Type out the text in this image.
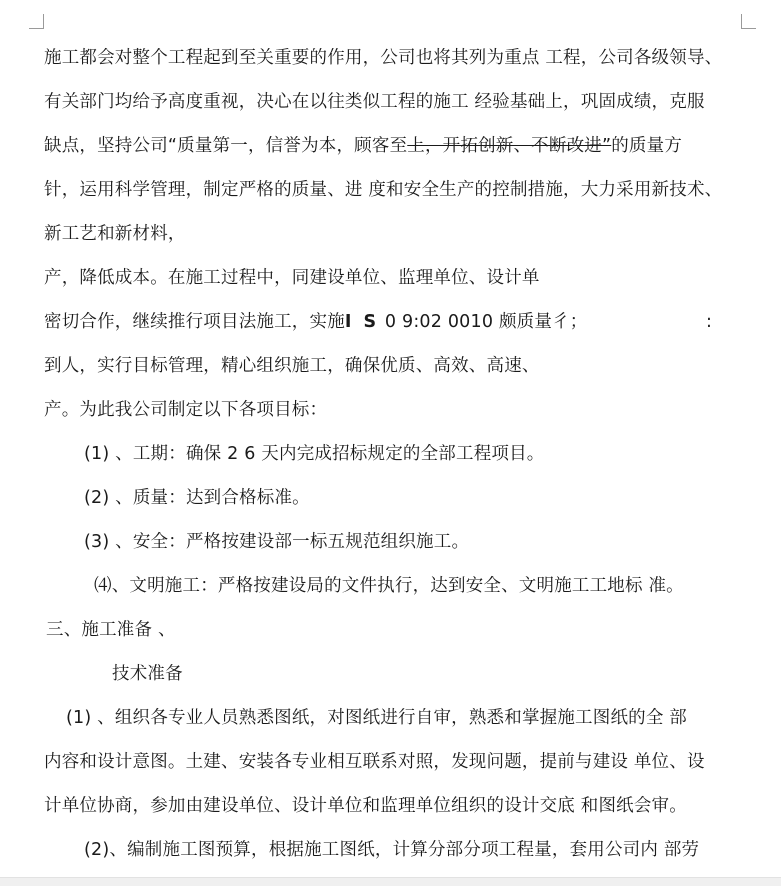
施工都会对整个工程起到至关重要的作用，公司也将其列为重点 工程，公司各级领导、
有关部门均给予高度重视，决心在以往类似工程的施工 经验基础上，巩固成绩，克服
缺点，坚持公司“质量第一，信誉为本，顾客至上，开拓创新、不断改进”的质量方
针，运用科学管理，制定严格的质量、进 度和安全生产的控制措施，大力采用新技术、
新工艺和新材料，
产，降低成本。在施工过程中，同建设单位、监理单位、设计单
密切合作，继续推行项目法施工，实施I S 0 9:02 0010 颇质量彳；	:
到人，实行目标管理，精心组织施工，确保优质、高效、高速、
产。为此我公司制定以下各项目标：
(1) 、工期：确保 2 6 天内完成招标规定的全部工程项目。
(2) 、质量：达到合格标准。
(3) 、安全：严格按建设部一标五规范组织施工。
⑷、文明施工：严格按建设局的文件执行，达到安全、文明施工工地标 准。
三、施工准备 、
技术准备
(1) 、组织各专业人员熟悉图纸，对图纸进行自审，熟悉和掌握施工图纸的全 部
内容和设计意图。土建、安装各专业相互联系对照，发现问题，提前与建设 单位、设
计单位协商，参加由建设单位、设计单位和监理单位组织的设计交底 和图纸会审。
(2)、编制施工图预算，根据施工图纸，计算分部分项工程量，套用公司内 部劳
